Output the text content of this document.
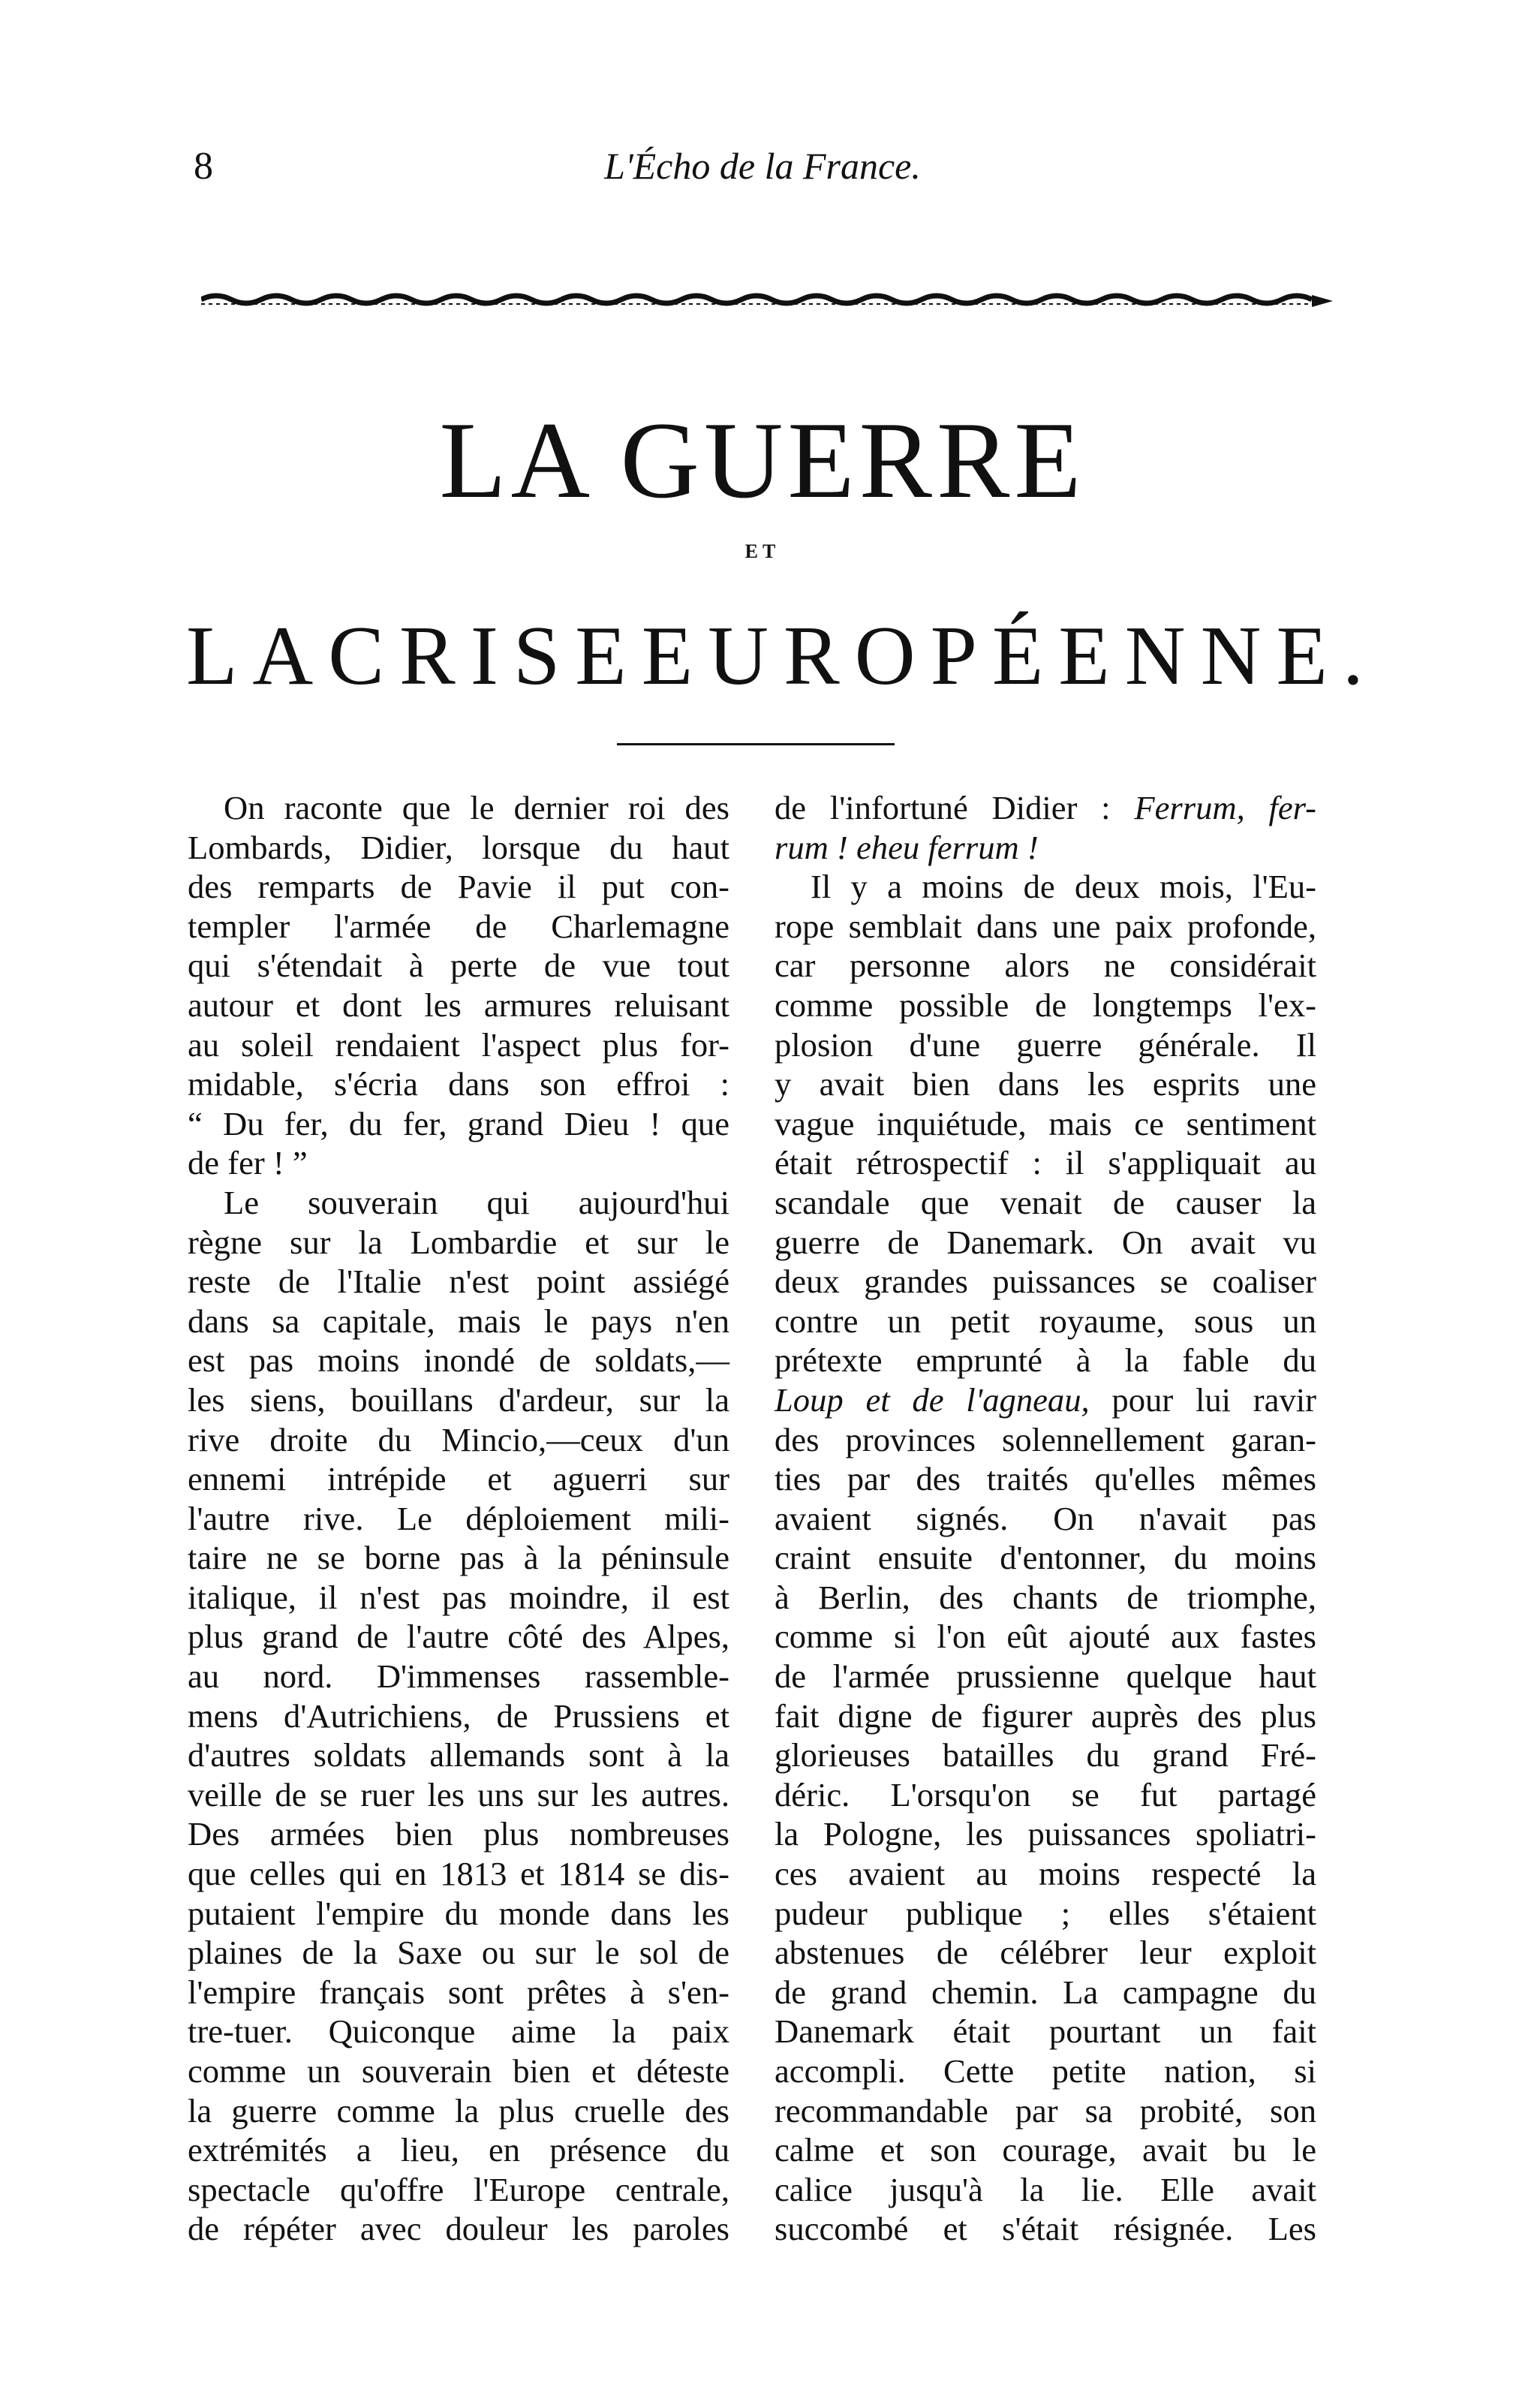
8	L'Écho de la France.
LA GUERRE
ET
LA CRISE EUROPÉENNE.

On raconte que le dernier roi des

Lombards, Didier, lorsque du haut

des remparts de Pavie il put con-

templer l'armée de Charlemagne

qui s'étendait à perte de vue tout

autour et dont les armures reluisant

au soleil rendaient l'aspect plus for-

midable, s'écria dans son effroi :

“ Du fer, du fer, grand Dieu ! que

de fer ! ”

Le souverain qui aujourd'hui

règne sur la Lombardie et sur le

reste de l'Italie n'est point assiégé

dans sa capitale, mais le pays n'en

est pas moins inondé de soldats,—

les siens, bouillans d'ardeur, sur la

rive droite du Mincio,—ceux d'un

ennemi intrépide et aguerri sur

l'autre rive. Le déploiement mili-

taire ne se borne pas à la péninsule

italique, il n'est pas moindre, il est

plus grand de l'autre côté des Alpes,

au nord. D'immenses rassemble-

mens d'Autrichiens, de Prussiens et

d'autres soldats allemands sont à la

veille de se ruer les uns sur les autres.

Des armées bien plus nombreuses

que celles qui en 1813 et 1814 se dis-

putaient l'empire du monde dans les

plaines de la Saxe ou sur le sol de

l'empire français sont prêtes à s'en-

tre-tuer. Quiconque aime la paix

comme un souverain bien et déteste

la guerre comme la plus cruelle des

extrémités a lieu, en présence du

spectacle qu'offre l'Europe centrale,

de répéter avec douleur les paroles

de l'infortuné Didier : Ferrum, fer-

rum ! eheu ferrum !

Il y a moins de deux mois, l'Eu-

rope semblait dans une paix profonde,

car personne alors ne considérait

comme possible de longtemps l'ex-

plosion d'une guerre générale. Il

y avait bien dans les esprits une

vague inquiétude, mais ce sentiment

était rétrospectif : il s'appliquait au

scandale que venait de causer la

guerre de Danemark. On avait vu

deux grandes puissances se coaliser

contre un petit royaume, sous un

prétexte emprunté à la fable du

Loup et de l'agneau, pour lui ravir

des provinces solennellement garan-

ties par des traités qu'elles mêmes

avaient signés. On n'avait pas

craint ensuite d'entonner, du moins

à Berlin, des chants de triomphe,

comme si l'on eût ajouté aux fastes

de l'armée prussienne quelque haut

fait digne de figurer auprès des plus

glorieuses batailles du grand Fré-

déric. L'orsqu'on se fut partagé

la Pologne, les puissances spoliatri-

ces avaient au moins respecté la

pudeur publique ; elles s'étaient

abstenues de célébrer leur exploit

de grand chemin. La campagne du

Danemark était pourtant un fait

accompli. Cette petite nation, si

recommandable par sa probité, son

calme et son courage, avait bu le

calice jusqu'à la lie. Elle avait

succombé et s'était résignée. Les
